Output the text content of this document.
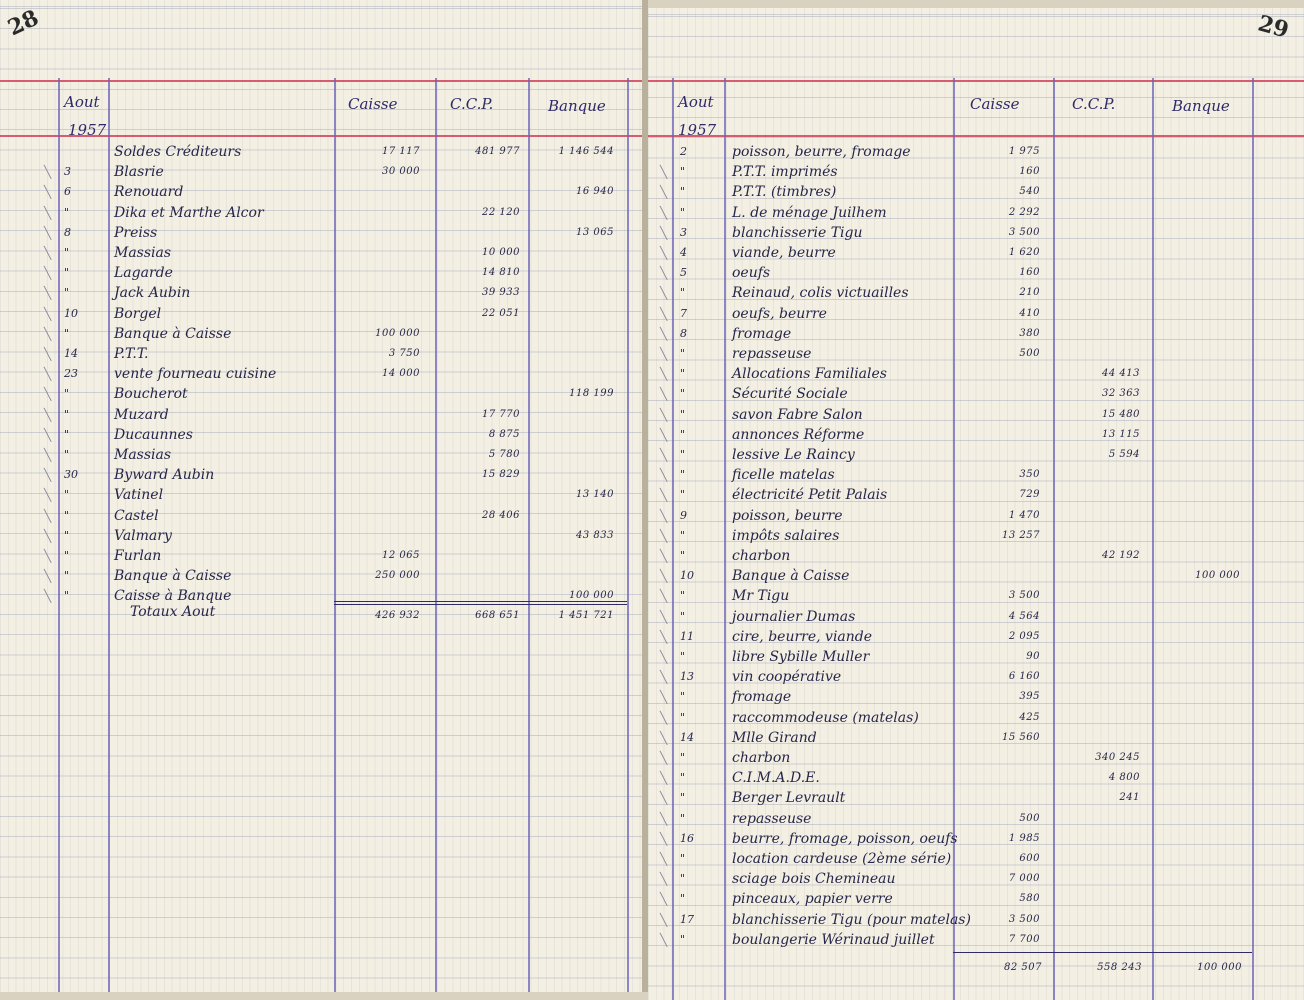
28
Aout
1957
Caisse	C.C.P.	Banque
Soldes Créditeurs	17 117	481 977	1 146 544
╲ 3	Blasrie	30 000
╲ 6	Renouard	16 940
╲ "	Dika et Marthe Alcor	22 120
╲ 8	Preiss	13 065
╲ "	Massias	10 000
╲ "	Lagarde	14 810
╲ "	Jack Aubin	39 933
╲ 10	Borgel	22 051
╲ "	Banque à Caisse	100 000
╲ 14	P.T.T.	3 750
╲ 23	vente fourneau cuisine	14 000
╲ "	Boucherot	118 199
╲ "	Muzard	17 770
╲ "	Ducaunnes	8 875
╲ "	Massias	5 780
╲ 30	Byward Aubin	15 829
╲ "	Vatinel	13 140
╲ "	Castel	28 406
╲ "	Valmary	43 833
╲ "	Furlan	12 065
╲ "	Banque à Caisse	250 000
╲ "	Caisse à Banque	100 000
Totaux Aout	426 932	668 651	1 451 721
29
Aout
1957
Caisse	C.C.P.	Banque
2	poisson, beurre, fromage	1 975
╲ "	P.T.T. imprimés	160
╲ "	P.T.T. (timbres)	540
╲ "	L. de ménage Juilhem	2 292
╲ 3	blanchisserie Tigu	3 500
╲ 4	viande, beurre	1 620
╲ 5	oeufs	160
╲ "	Reinaud, colis victuailles	210
╲ 7	oeufs, beurre	410
╲ 8	fromage	380
╲ "	repasseuse	500
╲ "	Allocations Familiales	44 413
╲ "	Sécurité Sociale	32 363
╲ "	savon Fabre Salon	15 480
╲ "	annonces Réforme	13 115
╲ "	lessive Le Raincy	5 594
╲ "	ficelle matelas	350
╲ "	électricité Petit Palais	729
╲ 9	poisson, beurre	1 470
╲ "	impôts salaires	13 257
╲ "	charbon	42 192
╲ 10	Banque à Caisse	100 000
╲ "	Mr Tigu	3 500
╲ "	journalier Dumas	4 564
╲ 11	cire, beurre, viande	2 095
╲ "	libre Sybille Muller	90
╲ 13	vin coopérative	6 160
╲ "	fromage	395
╲ "	raccommodeuse (matelas)	425
╲ 14	Mlle Girand	15 560
╲ "	charbon	340 245
╲ "	C.I.M.A.D.E.	4 800
╲ "	Berger Levrault	241
╲ "	repasseuse	500
╲ 16	beurre, fromage, poisson, oeufs	1 985
╲ "	location cardeuse (2ème série)	600
╲ "	sciage bois Chemineau	7 000
╲ "	pinceaux, papier verre	580
╲ 17	blanchisserie Tigu (pour matelas)	3 500
╲ "	boulangerie Wérinaud juillet	7 700
82 507	558 243	100 000
